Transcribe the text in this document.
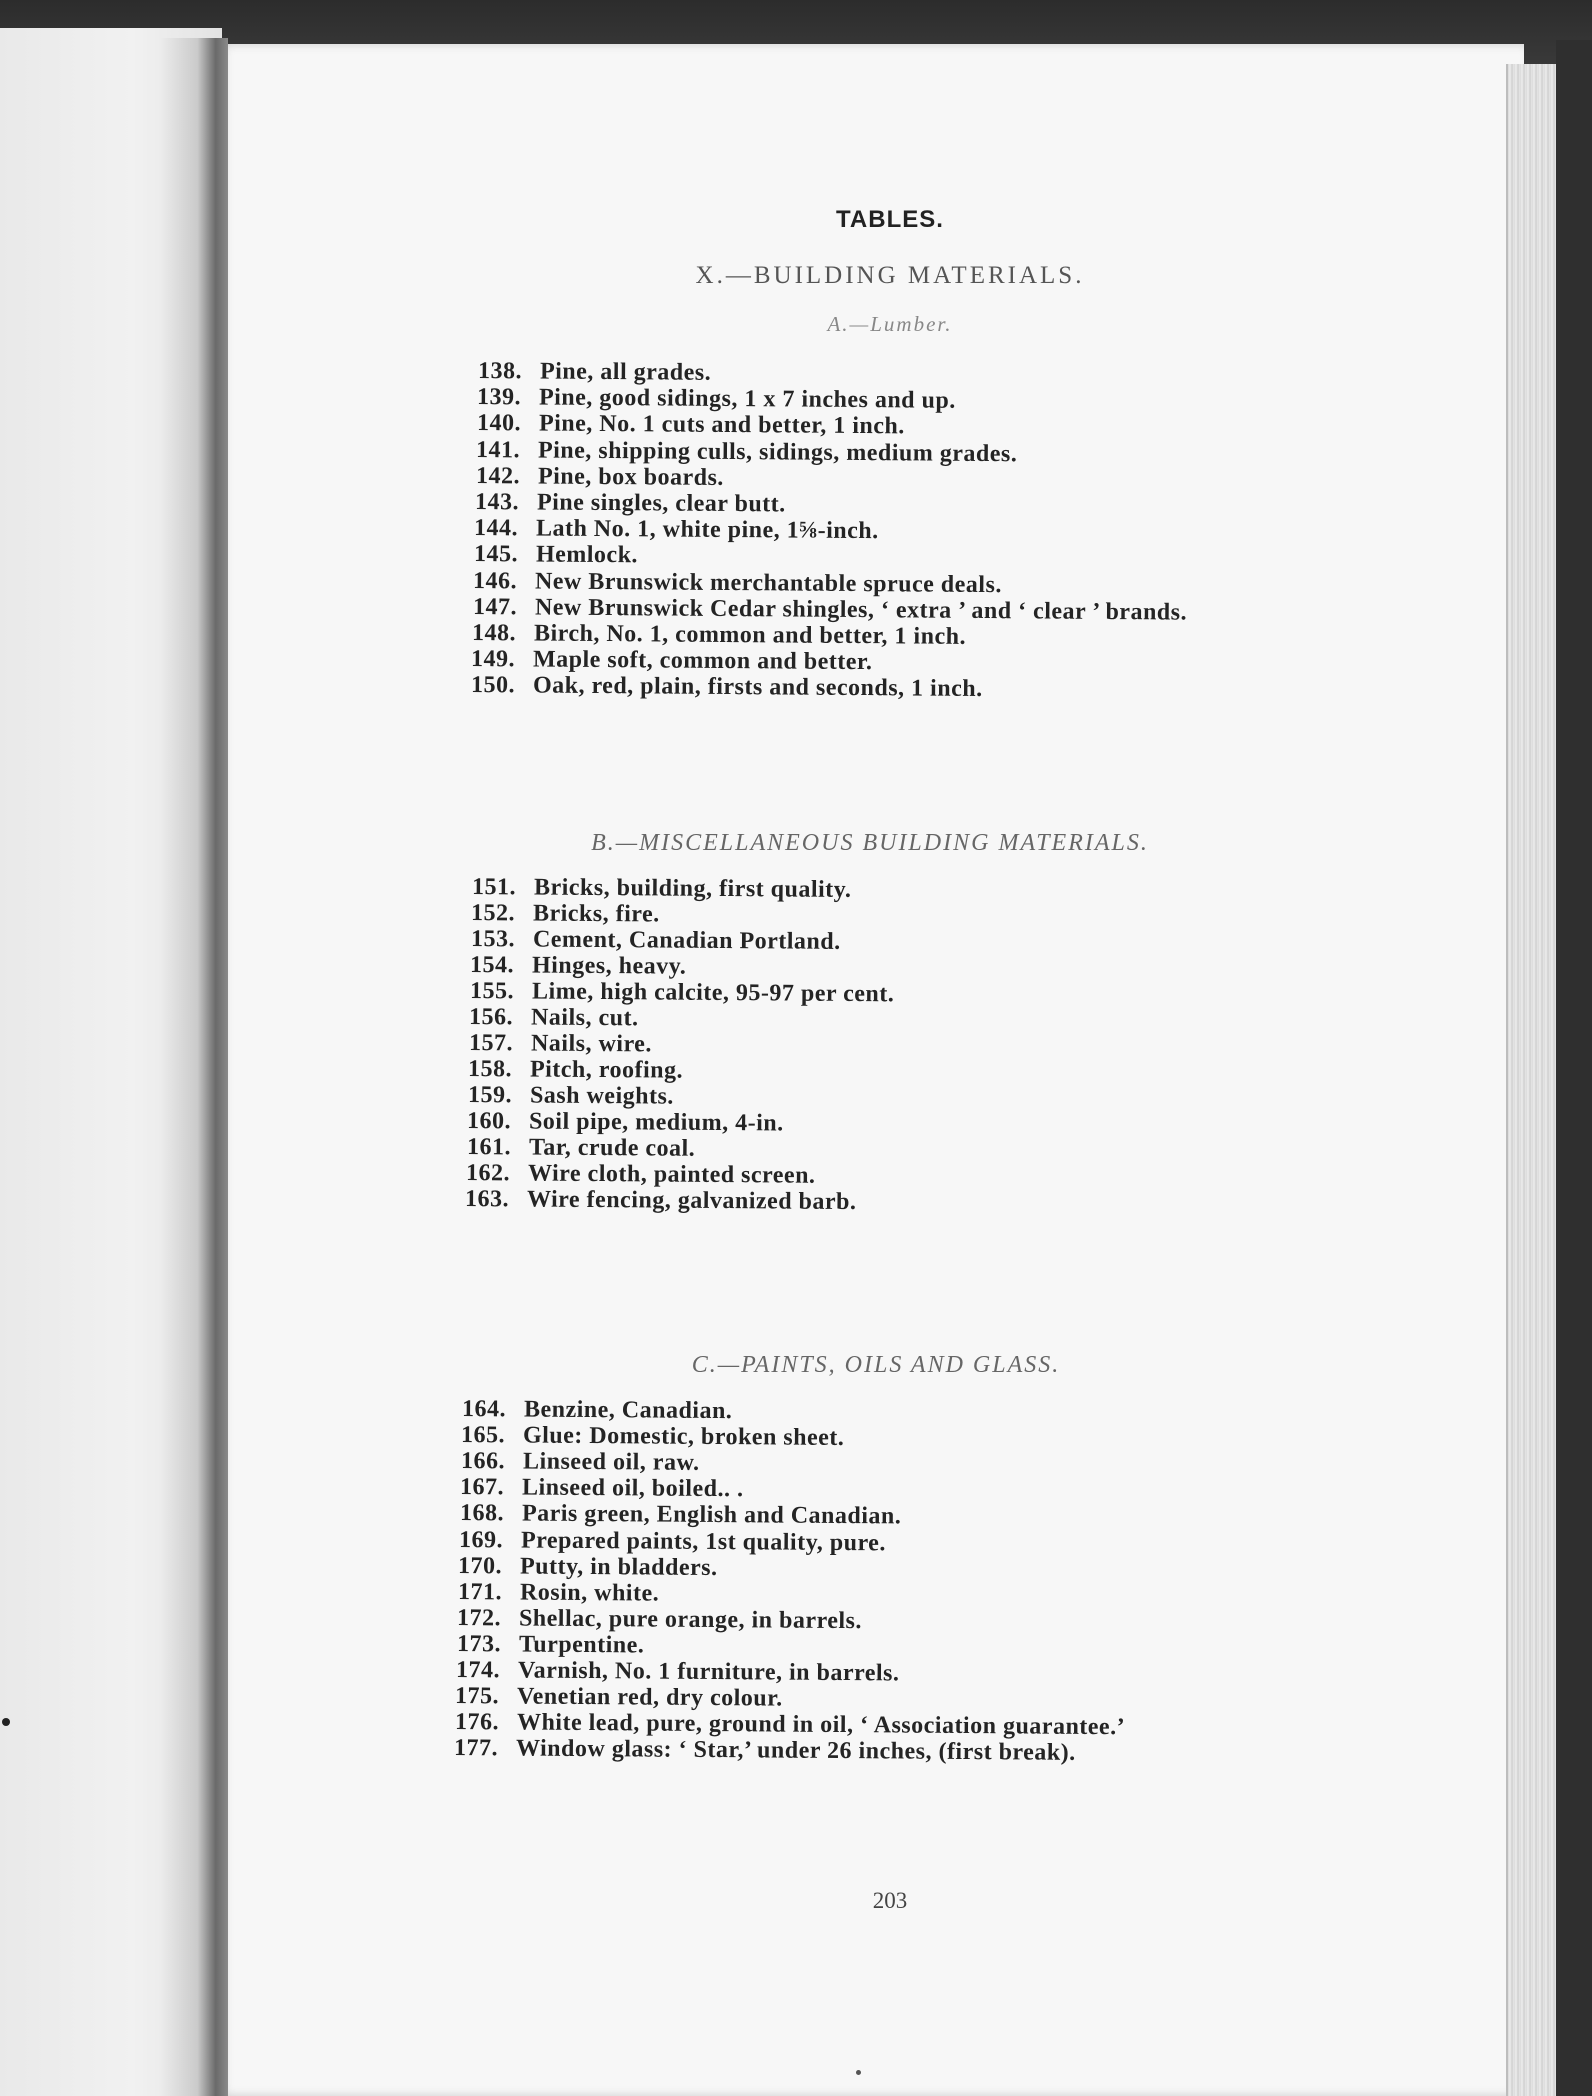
TABLES.
X.—BUILDING MATERIALS.
A.—Lumber.
138. Pine, all grades.
139. Pine, good sidings, 1 x 7 inches and up.
140. Pine, No. 1 cuts and better, 1 inch.
141. Pine, shipping culls, sidings, medium grades.
142. Pine, box boards.
143. Pine singles, clear butt.
144. Lath No. 1, white pine, 1⅝-inch.
145. Hemlock.
146. New Brunswick merchantable spruce deals.
147. New Brunswick Cedar shingles, ‘ extra ’ and ‘ clear ’ brands.
148. Birch, No. 1, common and better, 1 inch.
149. Maple soft, common and better.
150. Oak, red, plain, firsts and seconds, 1 inch.
B.—MISCELLANEOUS BUILDING MATERIALS.
151. Bricks, building, first quality.
152. Bricks, fire.
153. Cement, Canadian Portland.
154. Hinges, heavy.
155. Lime, high calcite, 95-97 per cent.
156. Nails, cut.
157. Nails, wire.
158. Pitch, roofing.
159. Sash weights.
160. Soil pipe, medium, 4-in.
161. Tar, crude coal.
162. Wire cloth, painted screen.
163. Wire fencing, galvanized barb.
C.—PAINTS, OILS AND GLASS.
164. Benzine, Canadian.
165. Glue: Domestic, broken sheet.
166. Linseed oil, raw.
167. Linseed oil, boiled.. .
168. Paris green, English and Canadian.
169. Prepared paints, 1st quality, pure.
170. Putty, in bladders.
171. Rosin, white.
172. Shellac, pure orange, in barrels.
173. Turpentine.
174. Varnish, No. 1 furniture, in barrels.
175. Venetian red, dry colour.
176. White lead, pure, ground in oil, ‘ Association guarantee.’
177. Window glass: ‘ Star,’ under 26 inches, (first break).
203
